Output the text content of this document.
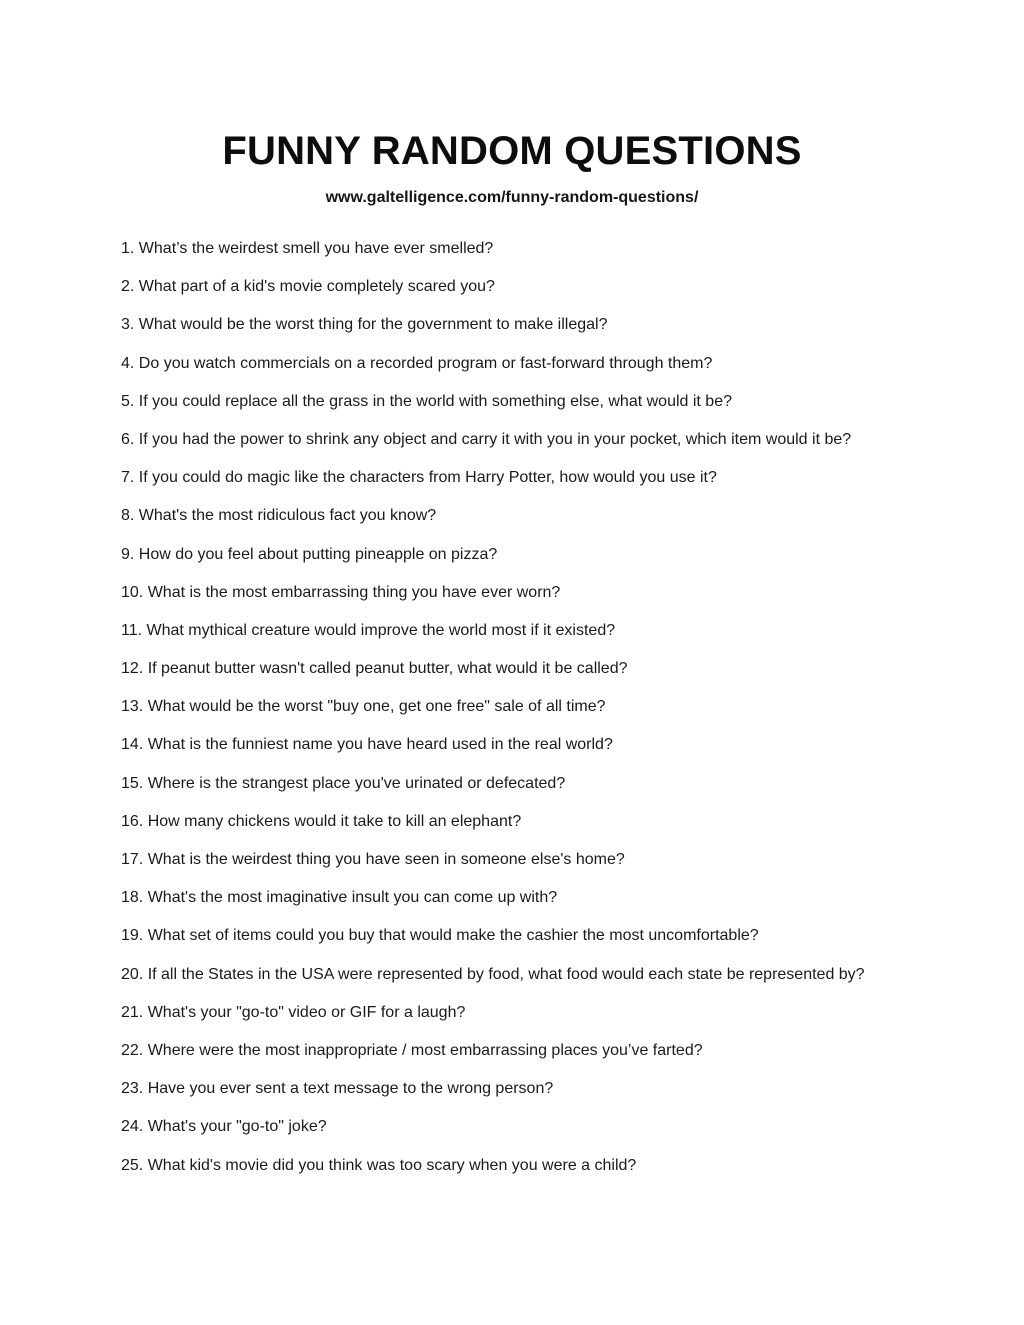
FUNNY RANDOM QUESTIONS
www.galtelligence.com/funny-random-questions/
1. What’s the weirdest smell you have ever smelled?
2. What part of a kid's movie completely scared you?
3. What would be the worst thing for the government to make illegal?
4. Do you watch commercials on a recorded program or fast-forward through them?
5. If you could replace all the grass in the world with something else, what would it be?
6. If you had the power to shrink any object and carry it with you in your pocket, which item would it be?
7. If you could do magic like the characters from Harry Potter, how would you use it?
8. What's the most ridiculous fact you know?
9. How do you feel about putting pineapple on pizza?
10. What is the most embarrassing thing you have ever worn?
11. What mythical creature would improve the world most if it existed?
12. If peanut butter wasn't called peanut butter, what would it be called?
13. What would be the worst "buy one, get one free" sale of all time?
14. What is the funniest name you have heard used in the real world?
15. Where is the strangest place you've urinated or defecated?
16. How many chickens would it take to kill an elephant?
17. What is the weirdest thing you have seen in someone else's home?
18. What's the most imaginative insult you can come up with?
19. What set of items could you buy that would make the cashier the most uncomfortable?
20. If all the States in the USA were represented by food, what food would each state be represented by?
21. What's your "go-to" video or GIF for a laugh?
22. Where were the most inappropriate / most embarrassing places you’ve farted?
23. Have you ever sent a text message to the wrong person?
24. What's your "go-to" joke?
25. What kid's movie did you think was too scary when you were a child?
